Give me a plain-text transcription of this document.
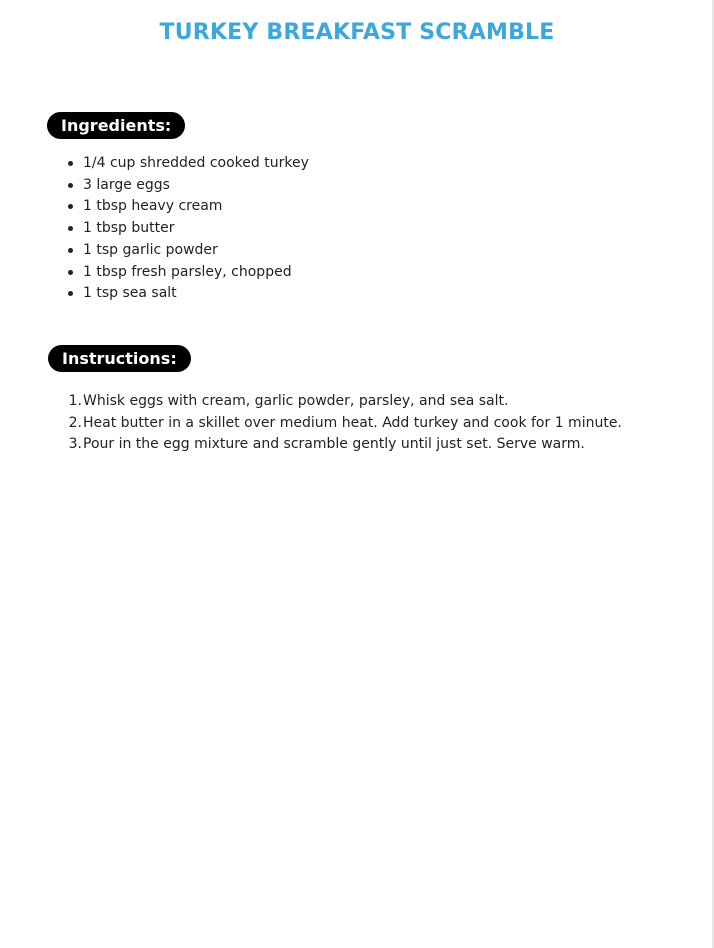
TURKEY BREAKFAST SCRAMBLE
Ingredients:
1/4 cup shredded cooked turkey
3 large eggs
1 tbsp heavy cream
1 tbsp butter
1 tsp garlic powder
1 tbsp fresh parsley, chopped
1 tsp sea salt
Instructions:
1. Whisk eggs with cream, garlic powder, parsley, and sea salt.
2. Heat butter in a skillet over medium heat. Add turkey and cook for 1 minute.
3. Pour in the egg mixture and scramble gently until just set. Serve warm.
